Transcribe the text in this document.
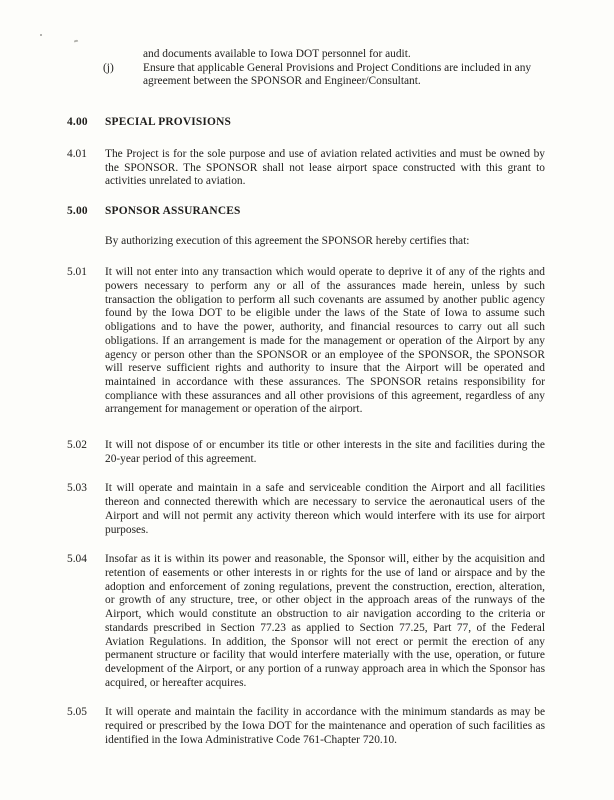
and documents available to Iowa DOT personnel for audit.
(j)	Ensure that applicable General Provisions and Project Conditions are included in any agreement between the SPONSOR and Engineer/Consultant.
4.00	SPECIAL PROVISIONS
4.01	The Project is for the sole purpose and use of aviation related activities and must be owned by the SPONSOR. The SPONSOR shall not lease airport space constructed with this grant to activities unrelated to aviation.
5.00	SPONSOR ASSURANCES
By authorizing execution of this agreement the SPONSOR hereby certifies that:
5.01	It will not enter into any transaction which would operate to deprive it of any of the rights and powers necessary to perform any or all of the assurances made herein, unless by such transaction the obligation to perform all such covenants are assumed by another public agency found by the Iowa DOT to be eligible under the laws of the State of Iowa to assume such obligations and to have the power, authority, and financial resources to carry out all such obligations. If an arrangement is made for the management or operation of the Airport by any agency or person other than the SPONSOR or an employee of the SPONSOR, the SPONSOR will reserve sufficient rights and authority to insure that the Airport will be operated and maintained in accordance with these assurances. The SPONSOR retains responsibility for compliance with these assurances and all other provisions of this agreement, regardless of any arrangement for management or operation of the airport.
5.02	It will not dispose of or encumber its title or other interests in the site and facilities during the 20-year period of this agreement.
5.03	It will operate and maintain in a safe and serviceable condition the Airport and all facilities thereon and connected therewith which are necessary to service the aeronautical users of the Airport and will not permit any activity thereon which would interfere with its use for airport purposes.
5.04	Insofar as it is within its power and reasonable, the Sponsor will, either by the acquisition and retention of easements or other interests in or rights for the use of land or airspace and by the adoption and enforcement of zoning regulations, prevent the construction, erection, alteration, or growth of any structure, tree, or other object in the approach areas of the runways of the Airport, which would constitute an obstruction to air navigation according to the criteria or standards prescribed in Section 77.23 as applied to Section 77.25, Part 77, of the Federal Aviation Regulations. In addition, the Sponsor will not erect or permit the erection of any permanent structure or facility that would interfere materially with the use, operation, or future development of the Airport, or any portion of a runway approach area in which the Sponsor has acquired, or hereafter acquires.
5.05	It will operate and maintain the facility in accordance with the minimum standards as may be required or prescribed by the Iowa DOT for the maintenance and operation of such facilities as identified in the Iowa Administrative Code 761-Chapter 720.10.
